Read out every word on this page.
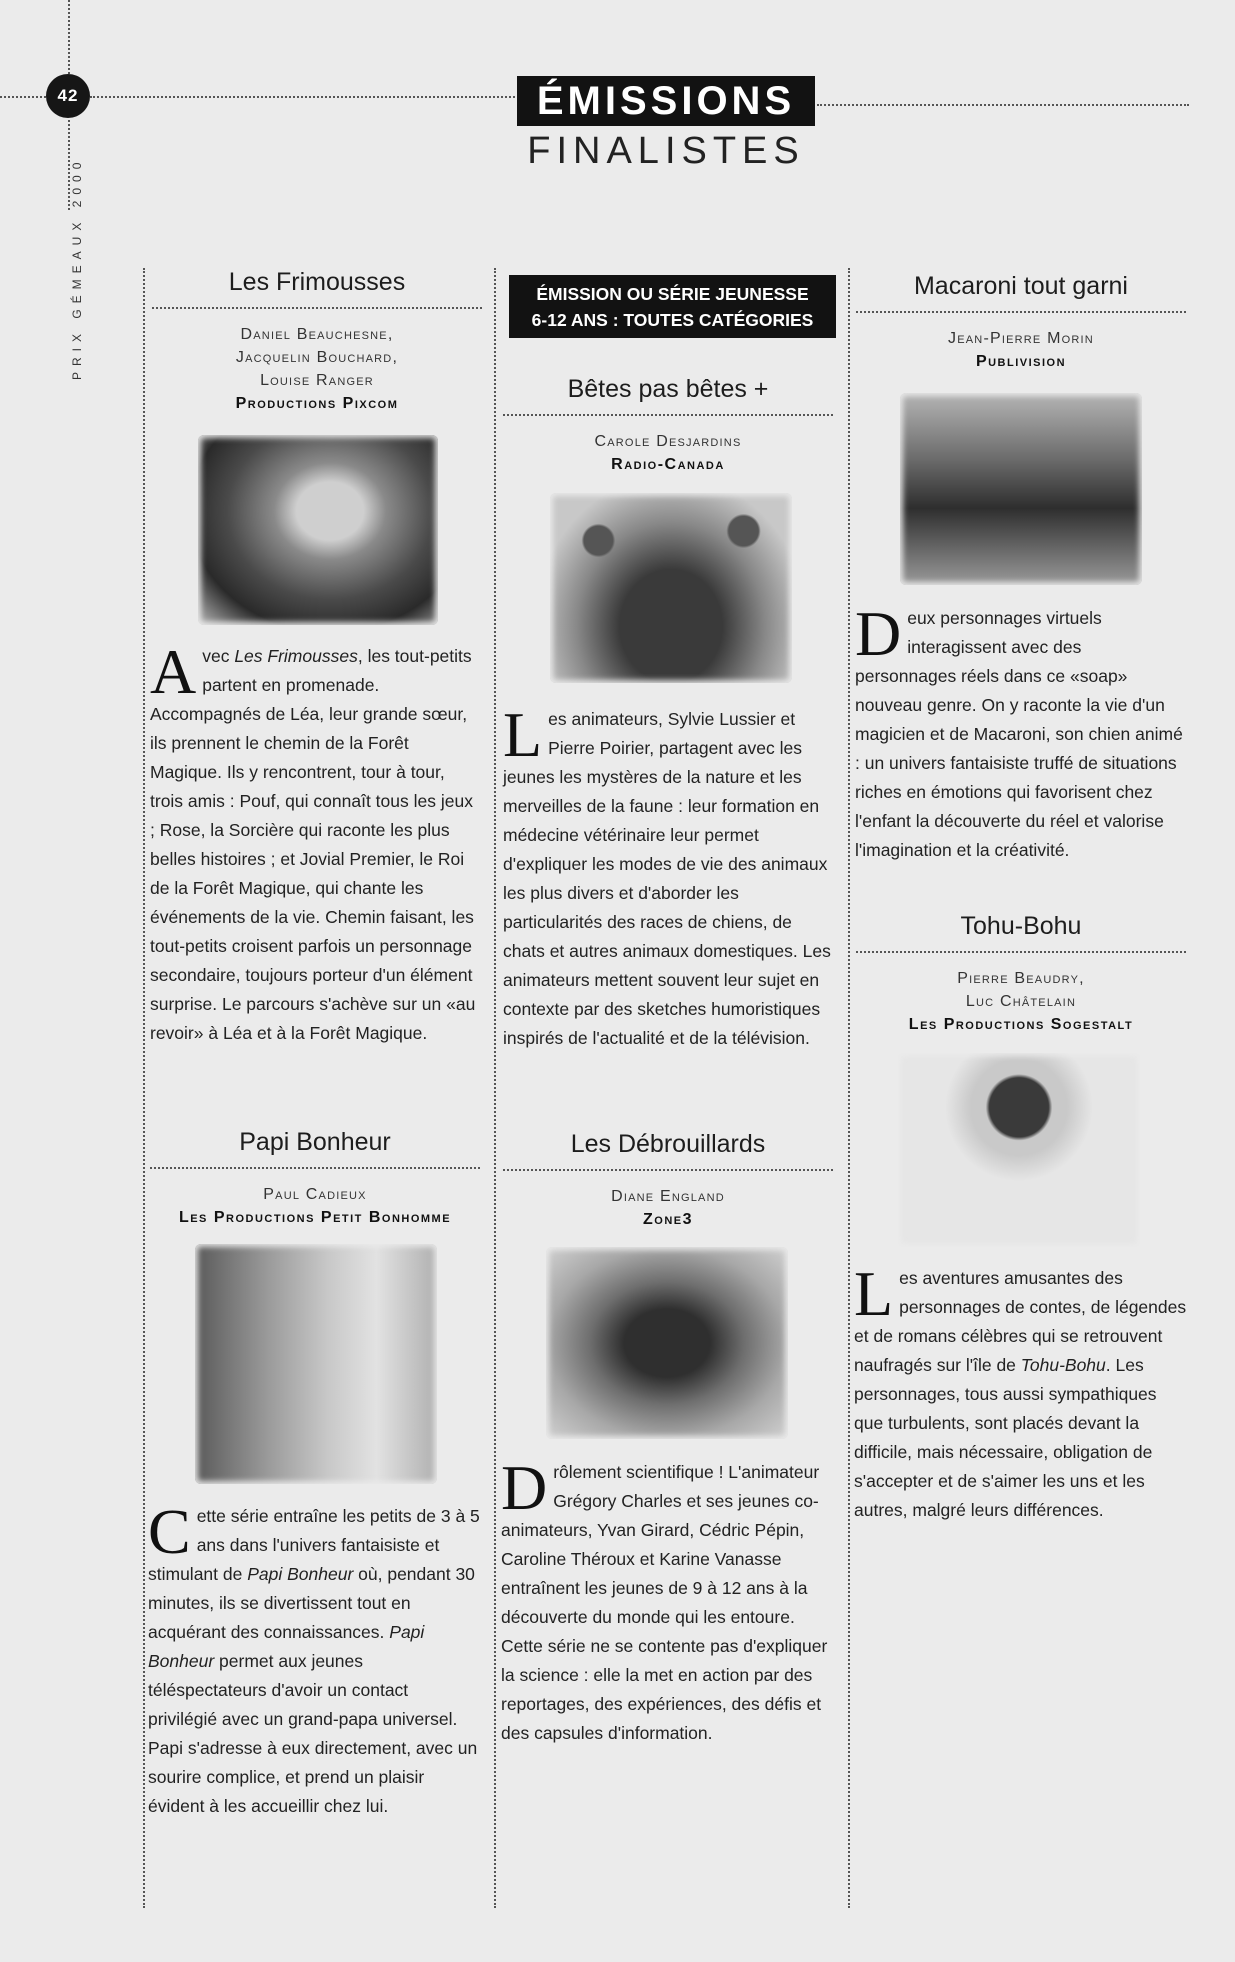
42
PRIX GÉMEAUX 2000
ÉMISSIONS
FINALISTES
Les Frimousses
Daniel Beauchesne,
Jacquelin Bouchard,
Louise Ranger
Productions Pixcom
Avec Les Frimousses, les tout-petits partent en promenade. Accompagnés de Léa, leur grande sœur, ils prennent le chemin de la Forêt Magique. Ils y rencontrent, tour à tour, trois amis : Pouf, qui connaît tous les jeux ; Rose, la Sorcière qui raconte les plus belles histoires ; et Jovial Premier, le Roi de la Forêt Magique, qui chante les événements de la vie. Chemin faisant, les tout-petits croisent parfois un personnage secondaire, toujours porteur d'un élément surprise. Le parcours s'achève sur un «au revoir» à Léa et à la Forêt Magique.
Papi Bonheur
Paul Cadieux
Les Productions Petit Bonhomme
Cette série entraîne les petits de 3 à 5 ans dans l'univers fantaisiste et stimulant de Papi Bonheur où, pendant 30 minutes, ils se divertissent tout en acquérant des connaissances. Papi Bonheur permet aux jeunes téléspectateurs d'avoir un contact privilégié avec un grand-papa universel. Papi s'adresse à eux directement, avec un sourire complice, et prend un plaisir évident à les accueillir chez lui.
ÉMISSION OU SÉRIE JEUNESSE
6-12 ANS : TOUTES CATÉGORIES
Bêtes pas bêtes +
Carole Desjardins
Radio-Canada
Les animateurs, Sylvie Lussier et Pierre Poirier, partagent avec les jeunes les mystères de la nature et les merveilles de la faune : leur formation en médecine vétérinaire leur permet d'expliquer les modes de vie des animaux les plus divers et d'aborder les particularités des races de chiens, de chats et autres animaux domestiques. Les animateurs mettent souvent leur sujet en contexte par des sketches humoristiques inspirés de l'actualité et de la télévision.
Les Débrouillards
Diane England
Zone3
Drôlement scientifique ! L'animateur Grégory Charles et ses jeunes co-animateurs, Yvan Girard, Cédric Pépin, Caroline Théroux et Karine Vanasse entraînent les jeunes de 9 à 12 ans à la découverte du monde qui les entoure. Cette série ne se contente pas d'expliquer la science : elle la met en action par des reportages, des expériences, des défis et des capsules d'information.
Macaroni tout garni
Jean-Pierre Morin
Publivision
Deux personnages virtuels interagissent avec des personnages réels dans ce «soap» nouveau genre. On y raconte la vie d'un magicien et de Macaroni, son chien animé : un univers fantaisiste truffé de situations riches en émotions qui favorisent chez l'enfant la découverte du réel et valorise l'imagination et la créativité.
Tohu-Bohu
Pierre Beaudry,
Luc Châtelain
Les Productions Sogestalt
Les aventures amusantes des personnages de contes, de légendes et de romans célèbres qui se retrouvent naufragés sur l'île de Tohu-Bohu. Les personnages, tous aussi sympathiques que turbulents, sont placés devant la difficile, mais nécessaire, obligation de s'accepter et de s'aimer les uns et les autres, malgré leurs différences.
